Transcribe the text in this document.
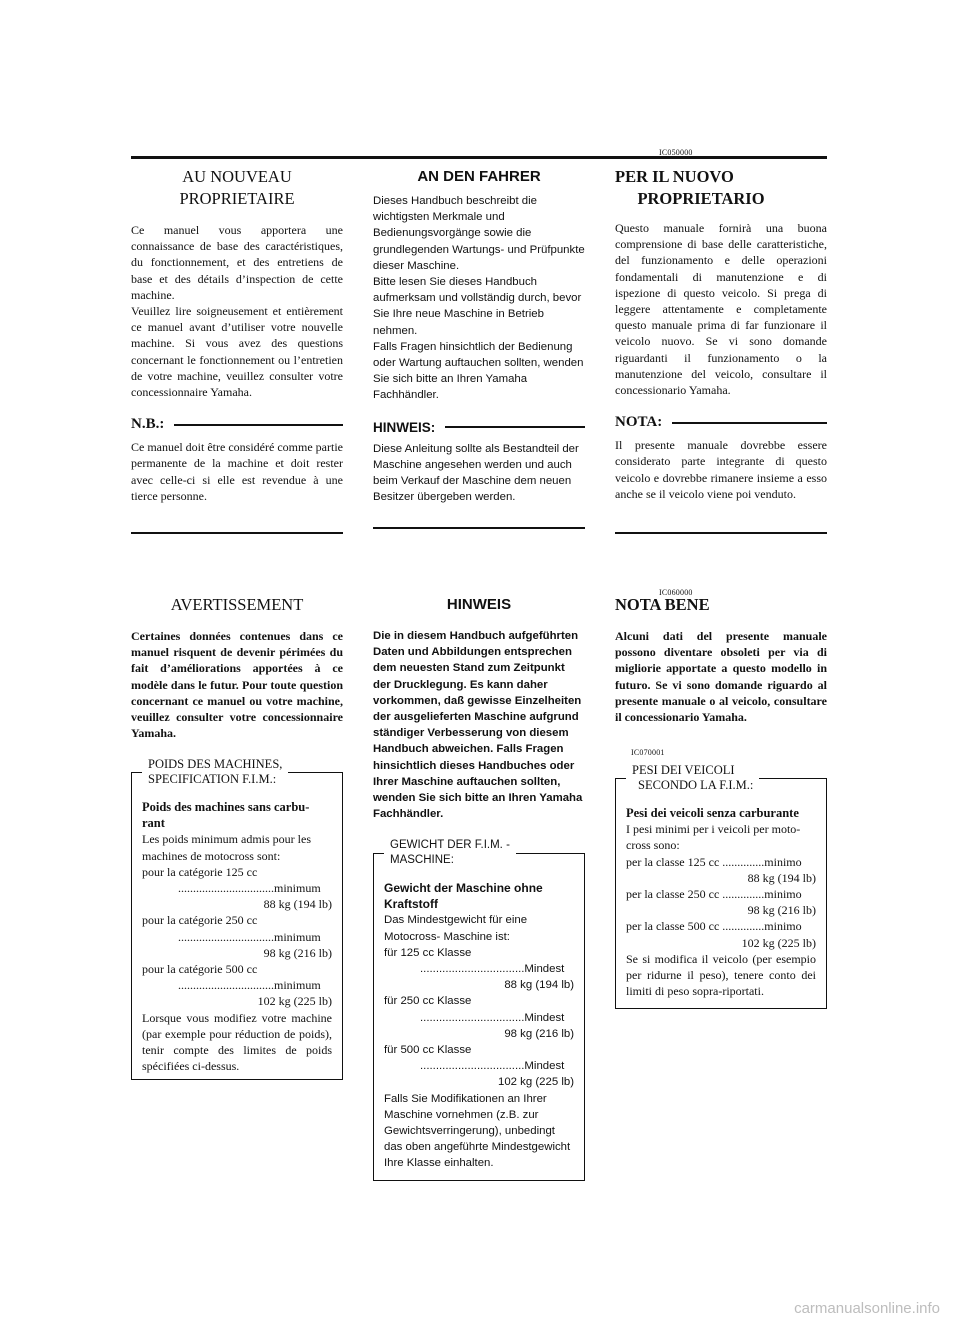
IC050000

AU NOUVEAU

PROPRIETAIRE

Ce manuel vous apportera une connaissance de base des caractéristiques, du fonctionnement, et des entretiens de base et des détails d’inspection de cette machine.

Veuillez lire soigneusement et entièrement ce manuel avant d’utiliser votre nouvelle machine. Si vous avez des questions concernant le fonctionnement ou l’entretien de votre machine, veuillez consulter votre concessionnaire Yamaha.

N.B.:

Ce manuel doit être considéré comme partie permanente de la machine et doit rester avec celle-ci si elle est revendue à une tierce personne.

AN DEN FAHRER

Dieses Handbuch beschreibt die wichtigsten Merkmale und Bedienungsvorgänge sowie die grundlegenden Wartungs- und Prüfpunkte dieser Maschine.

Bitte lesen Sie dieses Handbuch aufmerksam und vollständig durch, bevor Sie Ihre neue Maschine in Betrieb nehmen.

Falls Fragen hinsichtlich der Bedienung oder Wartung auftauchen sollten, wenden Sie sich bitte an Ihren Yamaha Fachhändler.

HINWEIS:

Diese Anleitung sollte als Bestandteil der Maschine angesehen werden und auch beim Verkauf der Maschine dem neuen Besitzer übergeben werden.

PER IL NUOVO

PROPRIETARIO

Questo manuale fornirà una buona comprensione di base delle caratteristiche, del funzionamento e delle operazioni fondamentali di manutenzione e di ispezione di questo veicolo. Si prega di leggere attentamente e completamente questo manuale prima di far funzionare il veicolo nuovo. Se vi sono domande riguardanti il funzionamento o la manutenzione del veicolo, consultare il concessionario Yamaha.

NOTA:

Il presente manuale dovrebbe essere considerato parte integrante di questo veicolo e dovrebbe rimanere insieme a esso anche se il veicolo viene poi venduto.

IC060000

AVERTISSEMENT

Certaines données contenues dans ce manuel risquent de devenir périmées du fait d’améliorations apportées à ce modèle dans le futur. Pour toute question concernant ce manuel ou votre machine, veuillez consulter votre concessionnaire Yamaha.

HINWEIS

Die in diesem Handbuch aufgeführten Daten und Abbildungen entsprechen dem neuesten Stand zum Zeitpunkt der Drucklegung. Es kann daher vorkommen, daß gewisse Einzelheiten der ausgelieferten Maschine aufgrund ständiger Verbesserung von diesem Handbuch abweichen. Falls Fragen hinsichtlich dieses Handbuches oder Ihrer Maschine auftauchen sollten, wenden Sie sich bitte an Ihren Yamaha Fachhändler.

NOTA BENE

Alcuni dati del presente manuale possono diventare obsoleti per via di migliorie apportate a questo modello in futuro. Se vi sono domande riguardo al presente manuale o al veicolo, consultare il concessionario Yamaha.

IC070001
POIDS DES MACHINES,
SPECIFICATION F.I.M.:

Poids des machines sans carbu-

rant

Les poids minimum admis pour les

machines de motocross sont:

pour la catégorie 125 cc

................................minimum

88 kg (194 lb)

pour la catégorie 250 cc

................................minimum

98 kg (216 lb)

pour la catégorie 500 cc

................................minimum

102 kg (225 lb)

Lorsque vous modifiez votre machine (par exemple pour réduction de poids), tenir compte des limites de poids spécifiées ci-dessus.

GEWICHT DER F.I.M. -
MASCHINE:

Gewicht der Maschine ohne

Kraftstoff

Das Mindestgewicht für eine

Motocross- Maschine ist:

für 125 cc Klasse

.................................Mindest

88 kg (194 lb)

für 250 cc Klasse

.................................Mindest

98 kg (216 lb)

für 500 cc Klasse

.................................Mindest

102 kg (225 lb)

Falls Sie Modifikationen an Ihrer Maschine vornehmen (z.B. zur Gewichtsverringerung), unbedingt das oben angeführte Mindestgewicht Ihre Klasse einhalten.

PESI DEI VEICOLI
SECONDO LA F.I.M.:

Pesi dei veicoli senza carburante

I pesi minimi per i veicoli per moto-

cross sono:

per la classe 125 cc ..............minimo

88 kg (194 lb)

per la classe 250 cc ..............minimo

98 kg (216 lb)

per la classe 500 cc ..............minimo

102 kg (225 lb)

Se si modifica il veicolo (per esempio per ridurne il peso), tenere conto dei limiti di peso sopra-riportati.

carmanualsonline.info
